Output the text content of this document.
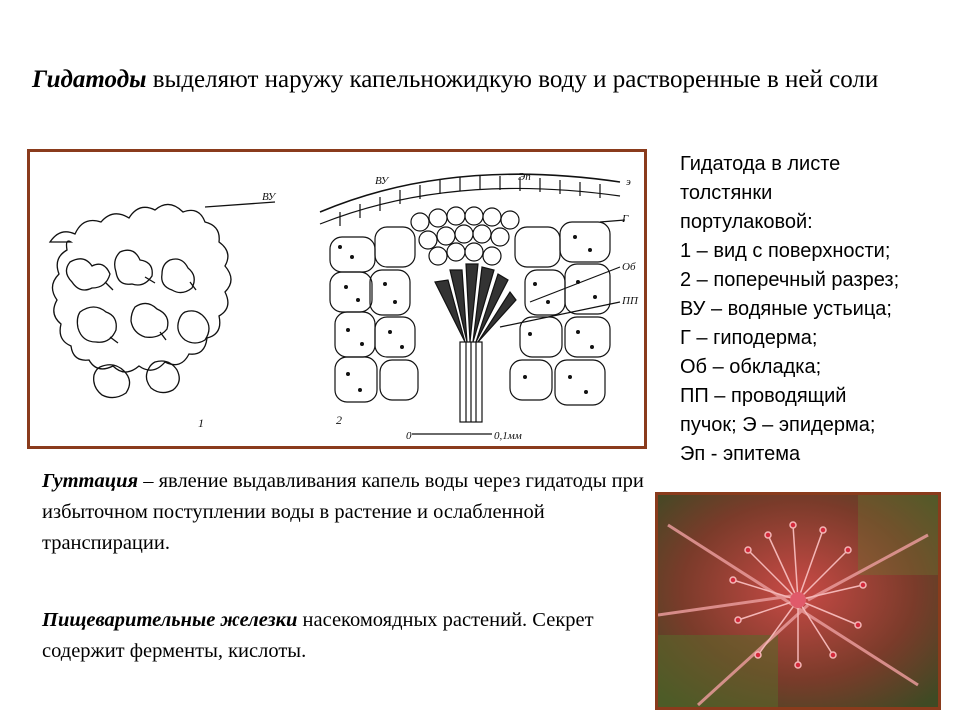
Гидатоды выделяют наружу капельножидкую воду и растворенные в ней соли
ВУ
1
ВУ	Эп	э
Г
Об
ПП
2
0	0,1мм
Гидатода в листе
толстянки
портулаковой:
1 – вид с поверхности;
2 – поперечный разрез;
ВУ – водяные устьица;
Г – гиподерма;
Об – обкладка;
ПП – проводящий
пучок; Э – эпидерма;
Эп - эпитема

Гуттация – явление выдавливания капель воды через гидатоды при избыточном поступлении воды в растение и ослабленной транспирации.

Пищеварительные железки насекомоядных растений. Секрет содержит ферменты, кислоты.
